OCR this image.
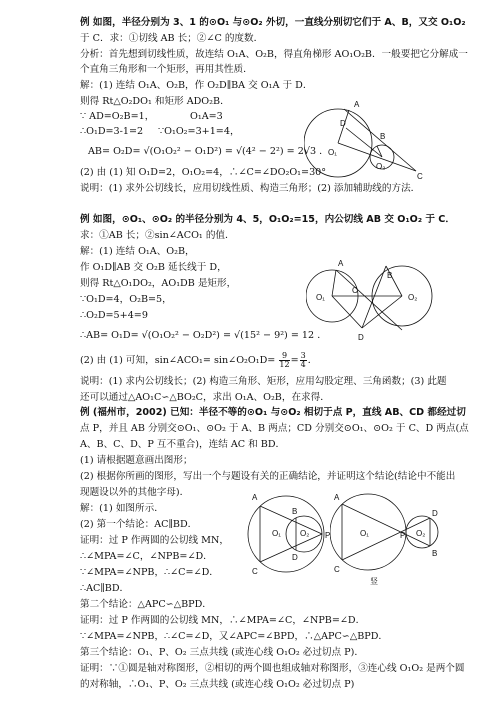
例 如图，半径分别为 3、1 的⊙O₁ 与⊙O₂ 外切，一直线分别切它们于 A、B，又交 O₁O₂
于 C．求：①切线 AB 长；②∠C 的度数．
分析：首先想到切线性质，故连结 O₁A、O₂B，得直角梯形 AO₁O₂B．一般要把它分解成一
个直角三角形和一个矩形，再用其性质．
解：(1) 连结 O₁A、O₂B，作 O₂D∥BA 交 O₁A 于 D．
则得 Rt△O₂DO₁ 和矩形 ADO₂B．
∵ AD=O₂B=1，	O₁A=3
∴O₁D=3-1=2 ∵O₁O₂=3+1=4，
AB= O₂D= √(O₁O₂² − O₁D²) = √(4² − 2²) = 2√3 ．
(2) 由 (1) 知 O₁D=2，O₁O₂=4，∴∠C=∠DO₂O₁=30°
说明：(1) 求外公切线长，应用切线性质、构造三角形；(2) 添加辅助线的方法．
A
B
C
D
O₁
O₂
例 如图，⊙O₁、⊙O₂ 的半径分别为 4、5，O₁O₂=15，内公切线 AB 交 O₁O₂ 于 C．
求：①AB 长；②sin∠ACO₁ 的值．
解：(1) 连结 O₁A、O₂B，
作 O₁D∥AB 交 O₂B 延长线于 D，
则得 Rt△O₁DO₂，AO₁DB 是矩形，
∵O₁D=4，O₂B=5，
∴O₂D=5+4=9
∴AB= O₁D= √(O₁O₂² − O₂D²) = √(15² − 9²) = 12 ．
(2) 由 (1) 可知，sin∠ACO₁= sin∠O₂O₁D= $\frac{9}{12} = \frac{3}{4}$ ．
说明：(1) 求内公切线长；(2) 构造三角形、矩形，应用勾股定理、三角函数；(3) 此题
还可以通过△AO₁C∽△BO₂C，求出 O₁A、O₂B，在求得．
A
B
C
D
O₁	O₂
例 (福州市，2002) 已知：半径不等的⊙O₁ 与⊙O₂ 相切于点 P，直线 AB、CD 都经过切
点 P，并且 AB 分别交⊙O₁、⊙O₂ 于 A、B 两点；CD 分别交⊙O₁、⊙O₂ 于 C、D 两点(点
A、B、C、D、P 互不重合)，连结 AC 和 BD．
(1) 请根据题意画出图形；
(2) 根据你所画的图形，写出一个与题设有关的正确结论，并证明这个结论(结论中不能出
现题设以外的其他字母)．
解：(1) 如图所示．
(2) 第一个结论：AC∥BD．
证明：过 P 作两圆的公切线 MN，
∴∠MPA=∠C，∠NPB=∠D．
∵∠MPA=∠NPB，∴∠C=∠D．
∴AC∥BD．
第二个结论：△APC∽△BPD．
证明：过 P 作两圆的公切线 MN，∴∠MPA=∠C，∠NPB=∠D．
∵∠MPA=∠NPB，∴∠C=∠D，又∠APC=∠BPD，∴△APC∽△BPD．
第三个结论：O₁、P、O₂ 三点共线 (或连心线 O₁O₂ 必过切点 P)．
证明：∵①圆是轴对称图形，②相切的两个圆也组成轴对称图形，③连心线 O₁O₂ 是两个圆
的对称轴，∴O₁、P、O₂ 三点共线 (或连心线 O₁O₂ 必过切点 P)
A
B
C
D
P
O₁ O₂
A
B
C
D
P
O₁	O₂
竖
